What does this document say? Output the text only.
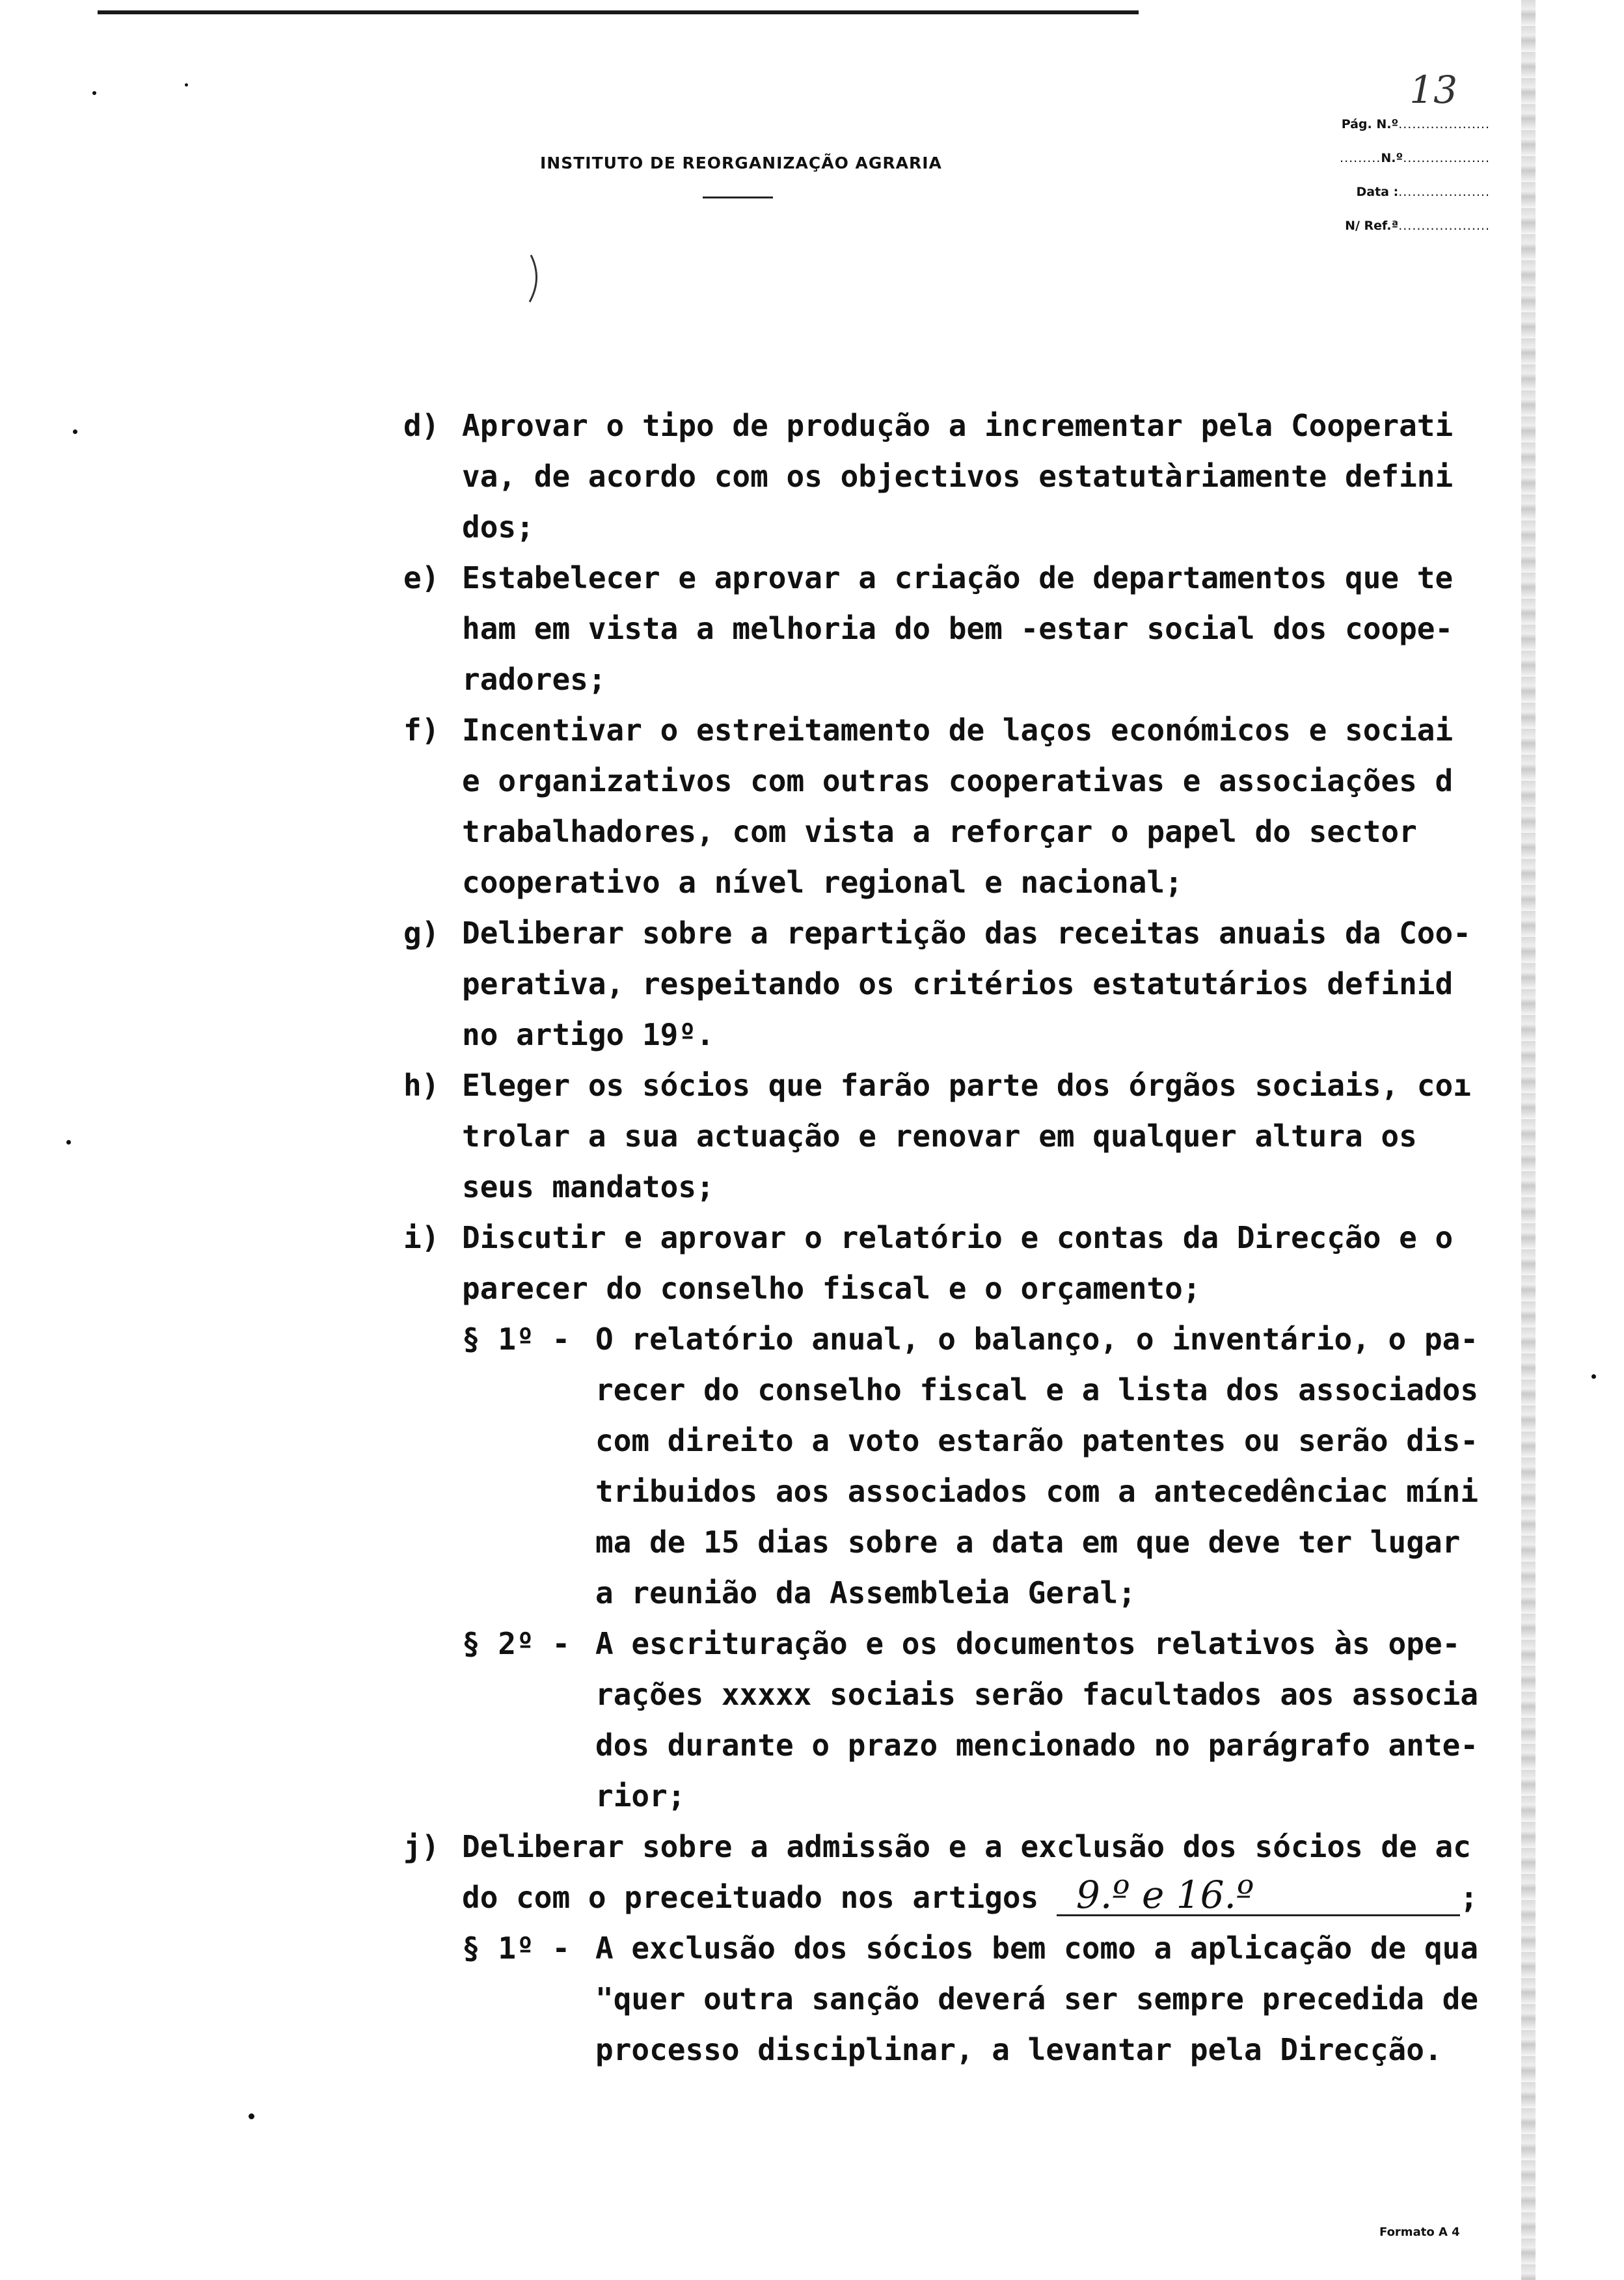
INSTITUTO DE REORGANIZAÇÃO AGRARIA
Pág. N.º ....................
13
......... N.º ...................
Data : ....................
N/ Ref.ª ....................
d) Aprovar o tipo de produção a incrementar pela Cooperati
va, de acordo com os objectivos estatutàriamente defini
dos;
e) Estabelecer e aprovar a criação de departamentos que te
ham em vista a melhoria do bem -estar social dos coope-
radores;
f) Incentivar o estreitamento de laços económicos e sociai
e organizativos com outras cooperativas e associações d
trabalhadores, com vista a reforçar o papel do sector
cooperativo a nível regional e nacional;
g) Deliberar sobre a repartição das receitas anuais da Coo-
perativa, respeitando os critérios estatutários definid
no artigo 19º.
h) Eleger os sócios que farão parte dos órgãos sociais, coı
trolar a sua actuação e renovar em qualquer altura os
seus mandatos;
i) Discutir e aprovar o relatório e contas da Direcção e o
parecer do conselho fiscal e o orçamento;
§ 1º - O relatório anual, o balanço, o inventário, o pa-
recer do conselho fiscal e a lista dos associados
com direito a voto estarão patentes ou serão dis-
tribuidos aos associados com a antecedênciac míni
ma de 15 dias sobre a data em que deve ter lugar
a reunião da Assembleia Geral;
§ 2º - A escrituração e os documentos relativos às ope-
rações xxxxx sociais serão facultados aos associa
dos durante o prazo mencionado no parágrafo ante-
rior;
j) Deliberar sobre a admissão e a exclusão dos sócios de ac
do com o preceituado nos artigos 9.º e 16.º	;
§ 1º - A exclusão dos sócios bem como a aplicação de qua
"quer outra sanção deverá ser sempre precedida de
processo disciplinar, a levantar pela Direcção.
Formato A 4
